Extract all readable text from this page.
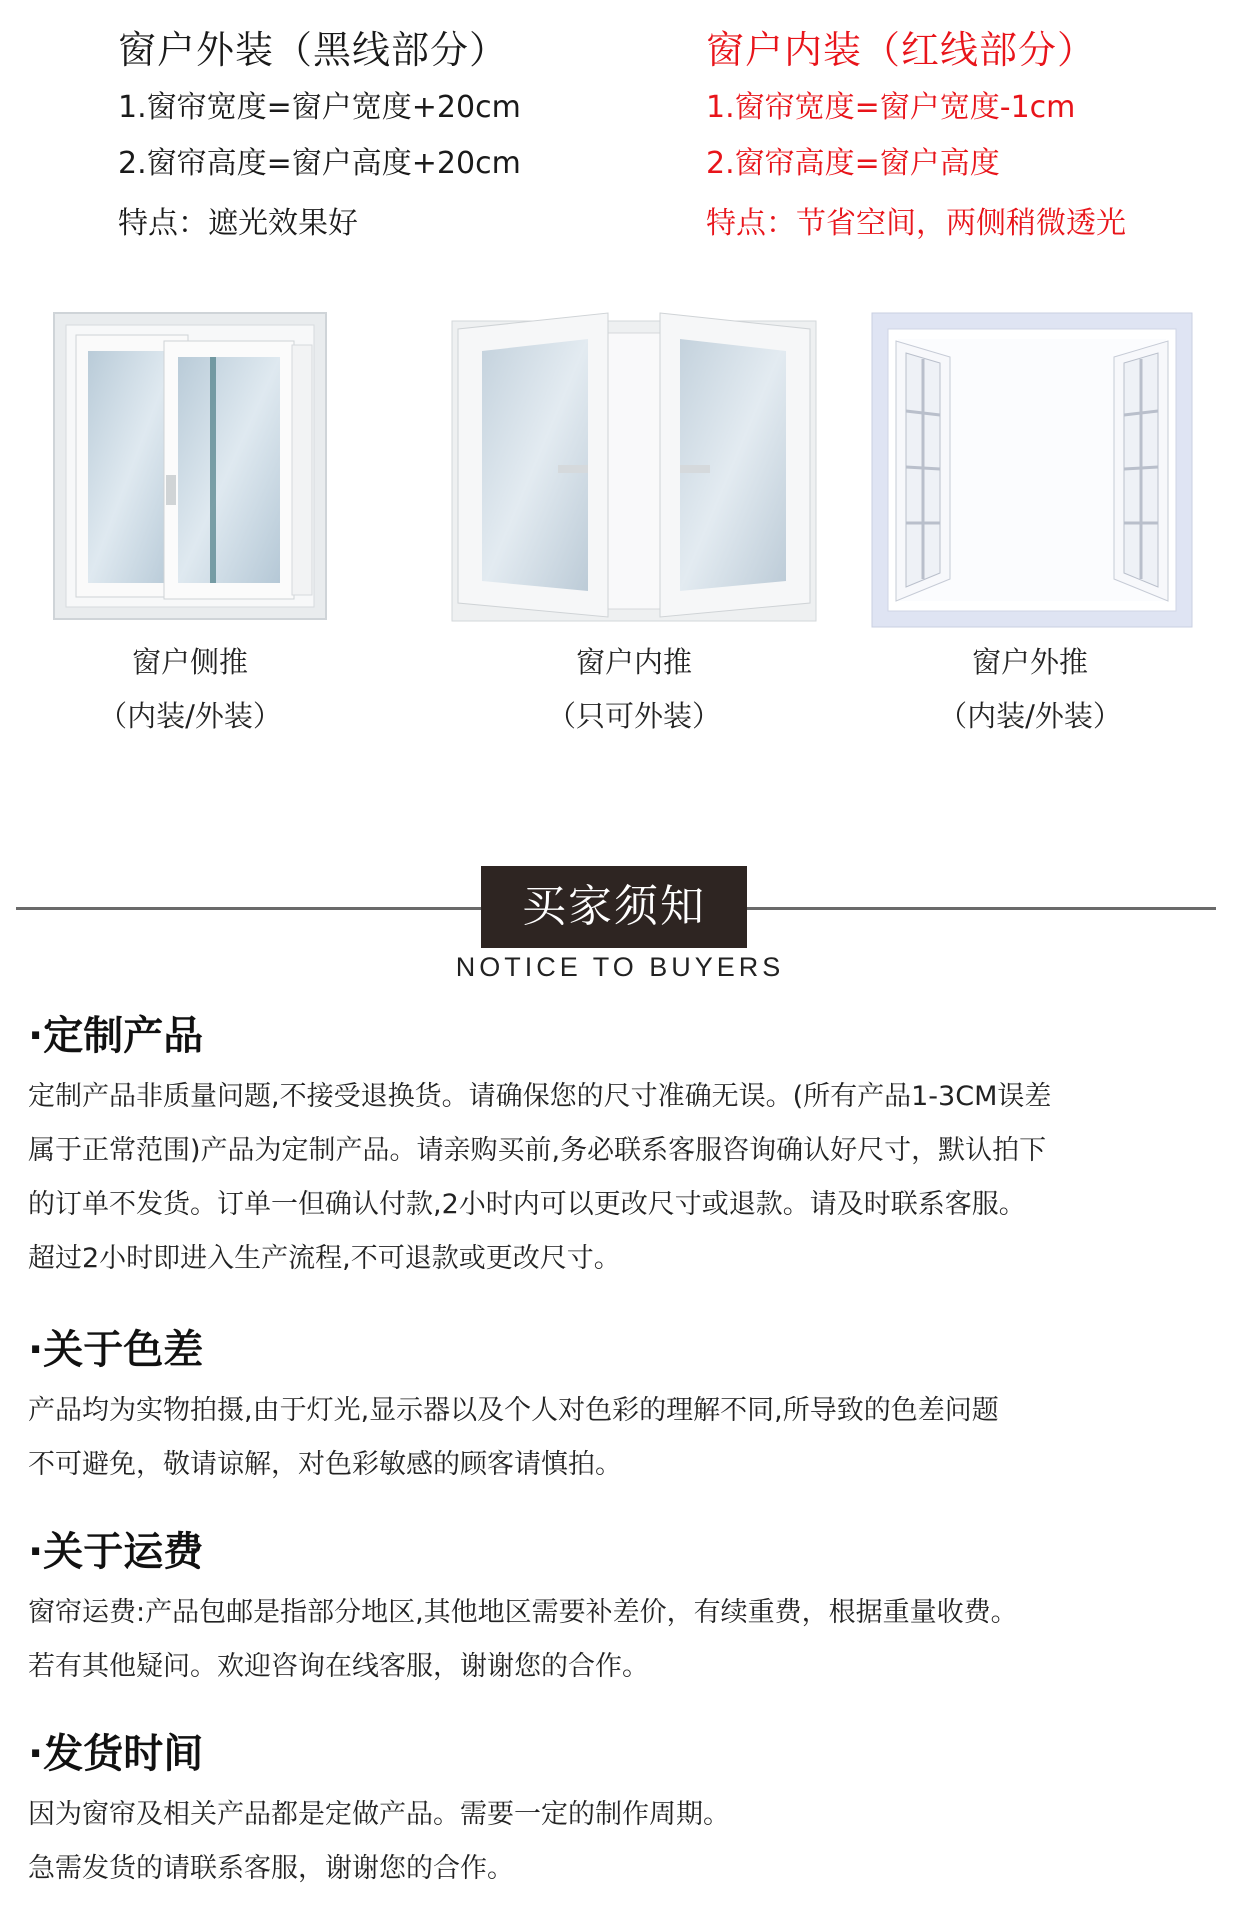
窗户外装（黑线部分）
1.窗帘宽度=窗户宽度+20cm
2.窗帘高度=窗户高度+20cm
特点：遮光效果好
窗户内装（红线部分）
1.窗帘宽度=窗户宽度-1cm
2.窗帘高度=窗户高度
特点：节省空间，两侧稍微透光
窗户侧推
（内装/外装）
窗户内推
（只可外装）
窗户外推
（内装/外装）
买家须知
NOTICE TO BUYERS
·定制产品

定制产品非质量问题,不接受退换货。请确保您的尺寸准确无误。(所有产品1-3CM误差

属于正常范围)产品为定制产品。请亲购买前,务必联系客服咨询确认好尺寸，默认拍下

的订单不发货。订单一但确认付款,2小时内可以更改尺寸或退款。请及时联系客服。

超过2小时即进入生产流程,不可退款或更改尺寸。

·关于色差

产品均为实物拍摄,由于灯光,显示器以及个人对色彩的理解不同,所导致的色差问题

不可避免，敬请谅解，对色彩敏感的顾客请慎拍。

·关于运费

窗帘运费:产品包邮是指部分地区,其他地区需要补差价，有续重费，根据重量收费。

若有其他疑问。欢迎咨询在线客服，谢谢您的合作。

·发货时间

因为窗帘及相关产品都是定做产品。需要一定的制作周期。

急需发货的请联系客服，谢谢您的合作。
